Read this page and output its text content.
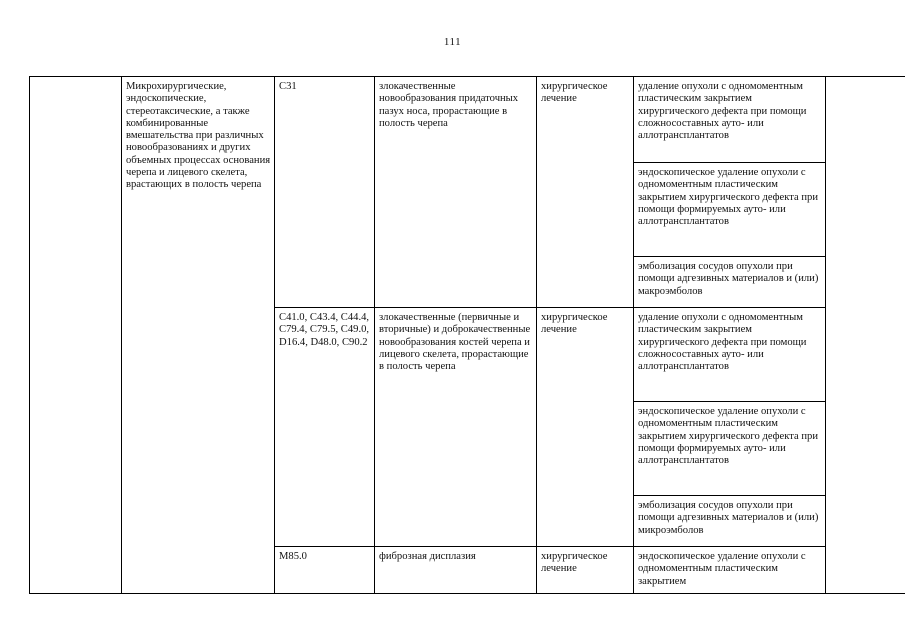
111
	Микрохирургические, эндоскопические, стереотаксические, а также комбинированные вмешательства при различных новообразованиях и других объемных процессах основания черепа и лицевого скелета, врастающих в полость черепа	C31	злокачественные новообразования придаточных пазух носа, прорастающие в полость черепа	хирургическое лечение	удаление опухоли с одномоментным пластическим закрытием хирургического дефекта при помощи сложносоставных ауто- или аллотрансплантатов	

					эндоскопическое удаление опухоли с одномоментным пластическим закрытием хирургического дефекта при помощи формируемых ауто- или аллотрансплантатов	

					эмболизация сосудов опухоли при помощи адгезивных материалов и (или) макроэмболов	

		C41.0, C43.4, C44.4, C79.4, C79.5, C49.0, D16.4, D48.0, C90.2	злокачественные (первичные и вторичные) и доброкачественные новообразования костей черепа и лицевого скелета, прорастающие в полость черепа	хирургическое лечение	удаление опухоли с одномоментным пластическим закрытием хирургического дефекта при помощи сложносоставных ауто- или аллотрансплантатов	

					эндоскопическое удаление опухоли с одномоментным пластическим закрытием хирургического дефекта при помощи формируемых ауто- или аллотрансплантатов	

					эмболизация сосудов опухоли при помощи адгезивных материалов и (или) микроэмболов	

		M85.0	фиброзная дисплазия	хирургическое лечение	эндоскопическое удаление опухоли с одномоментным пластическим закрытием	
